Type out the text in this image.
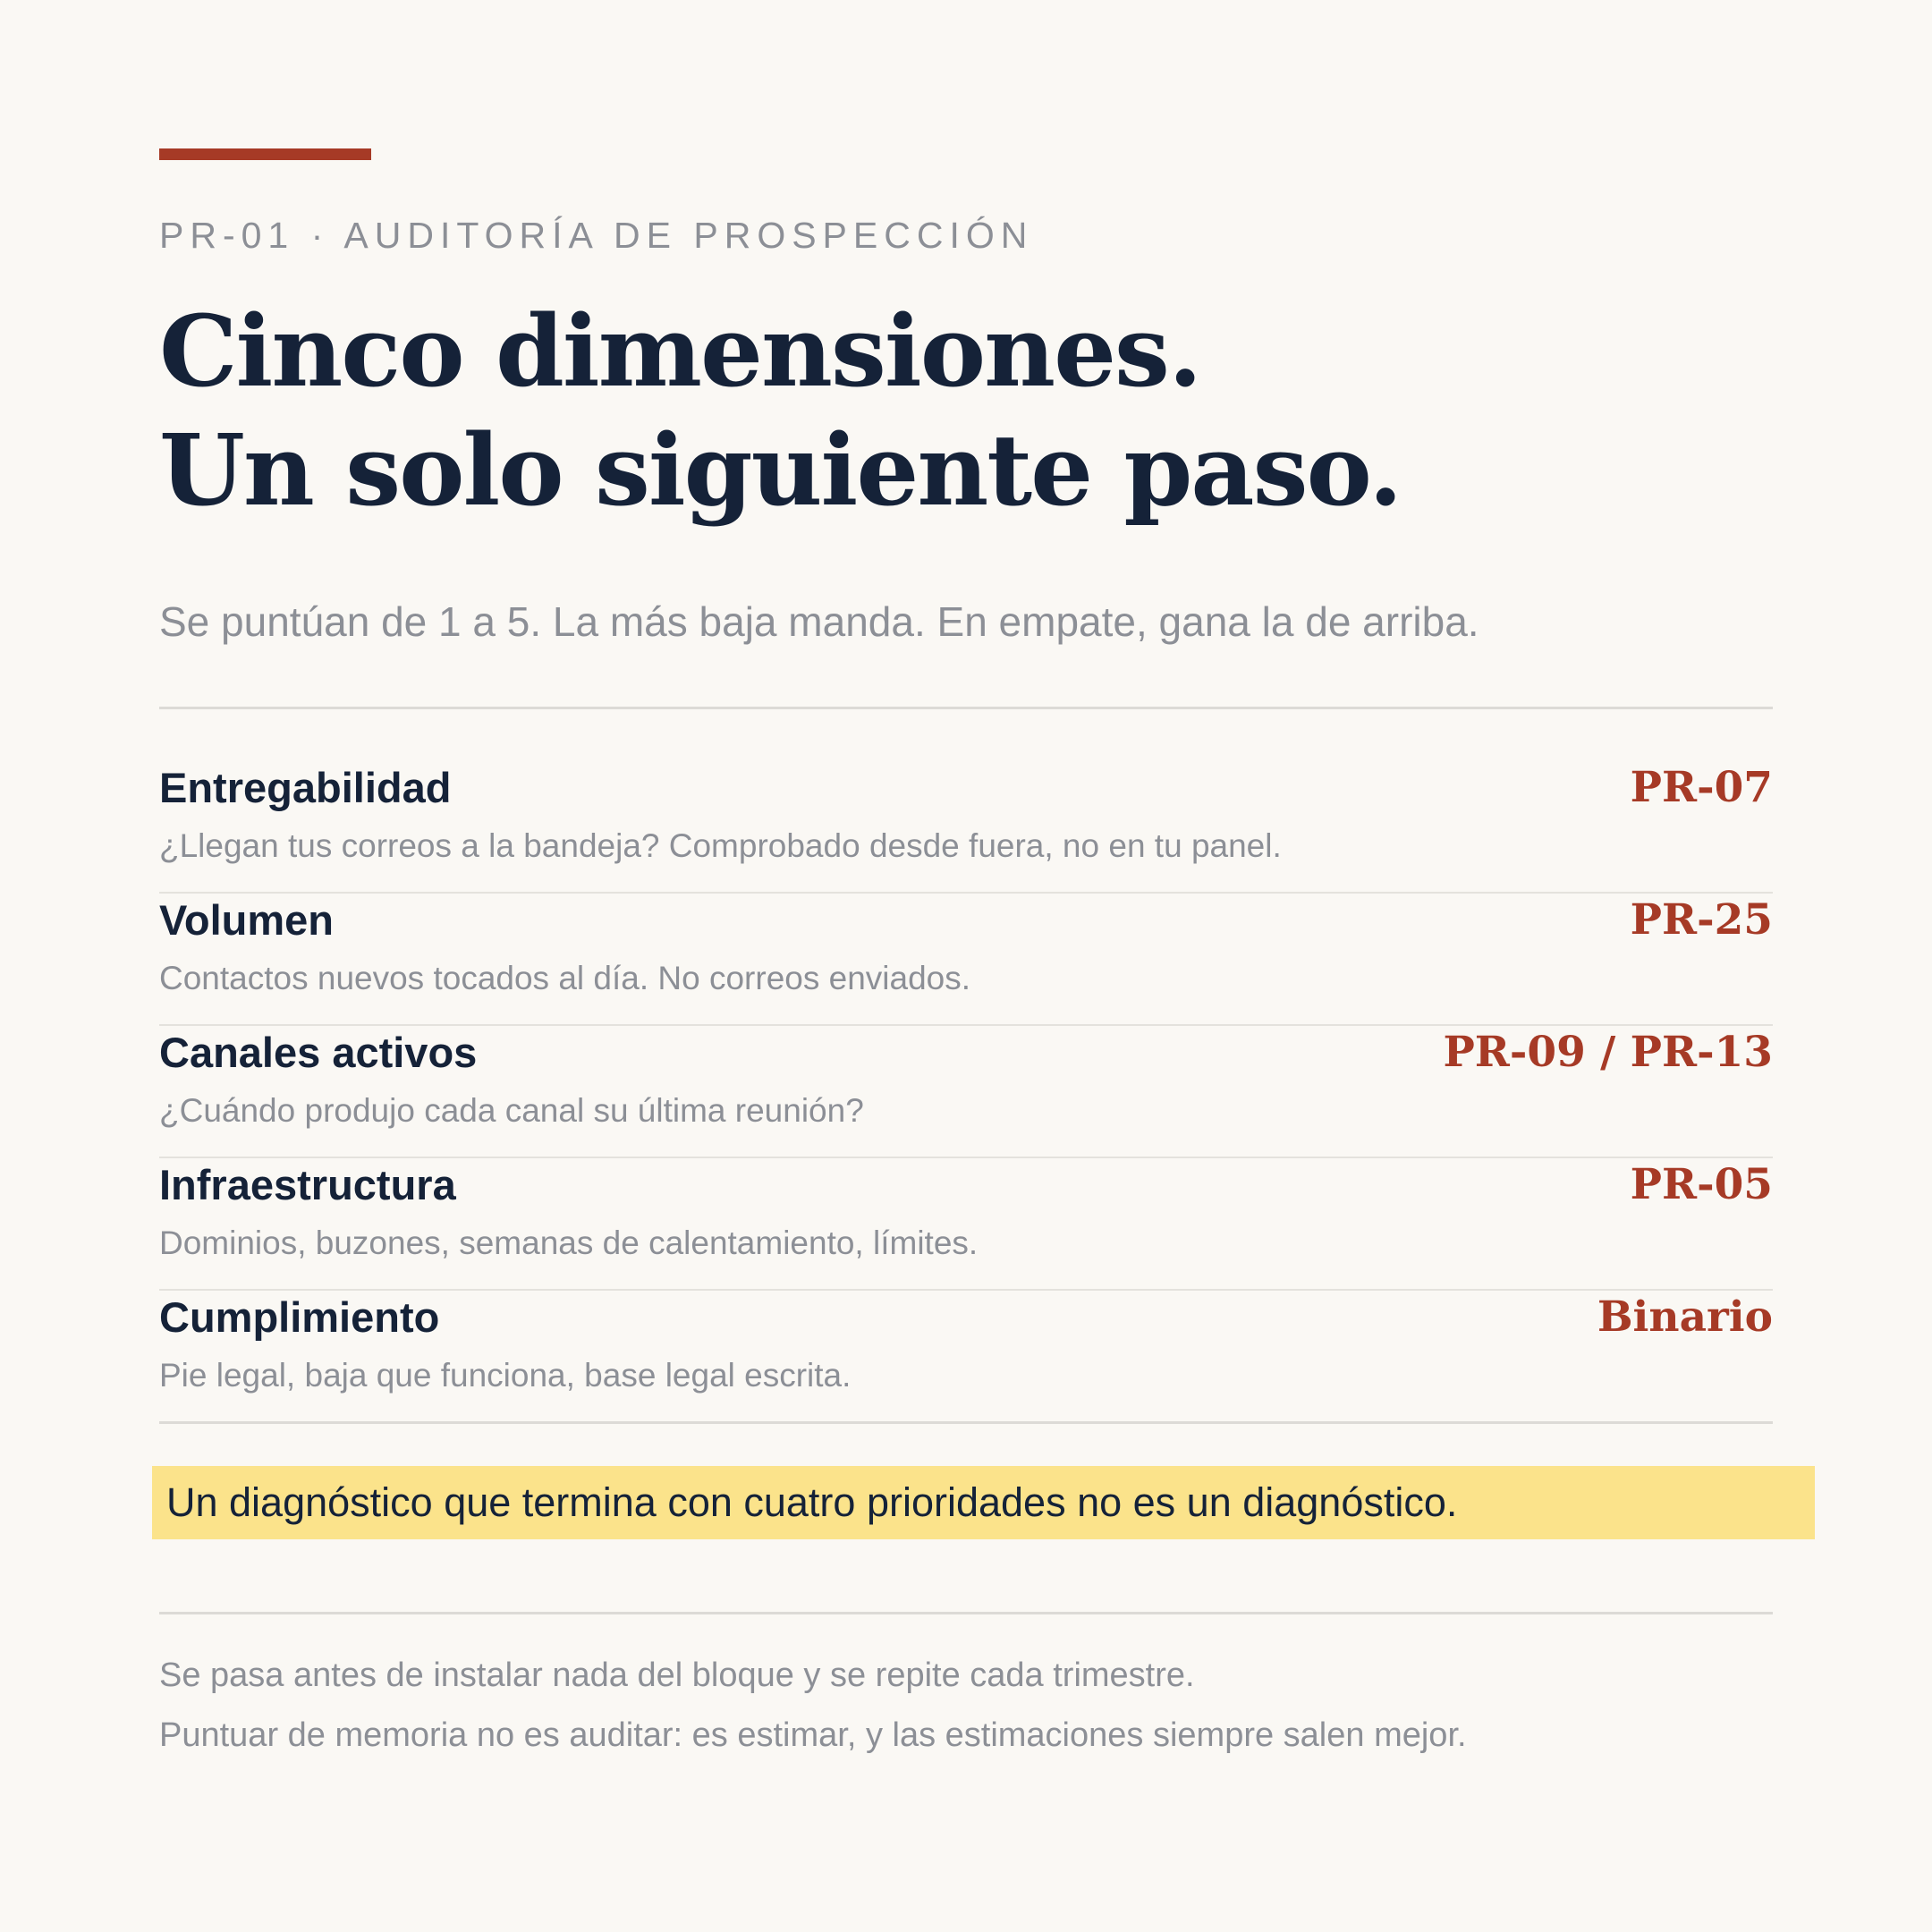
PR-01 · AUDITORÍA DE PROSPECCIÓN
Cinco dimensiones.
Un solo siguiente paso.
Se puntúan de 1 a 5. La más baja manda. En empate, gana la de arriba.
Entregabilidad	PR-07
¿Llegan tus correos a la bandeja? Comprobado desde fuera, no en tu panel.
Volumen	PR-25
Contactos nuevos tocados al día. No correos enviados.
Canales activos	PR-09 / PR-13
¿Cuándo produjo cada canal su última reunión?
Infraestructura	PR-05
Dominios, buzones, semanas de calentamiento, límites.
Cumplimiento	Binario
Pie legal, baja que funciona, base legal escrita.
Un diagnóstico que termina con cuatro prioridades no es un diagnóstico.
Se pasa antes de instalar nada del bloque y se repite cada trimestre.
Puntuar de memoria no es auditar: es estimar, y las estimaciones siempre salen mejor.
